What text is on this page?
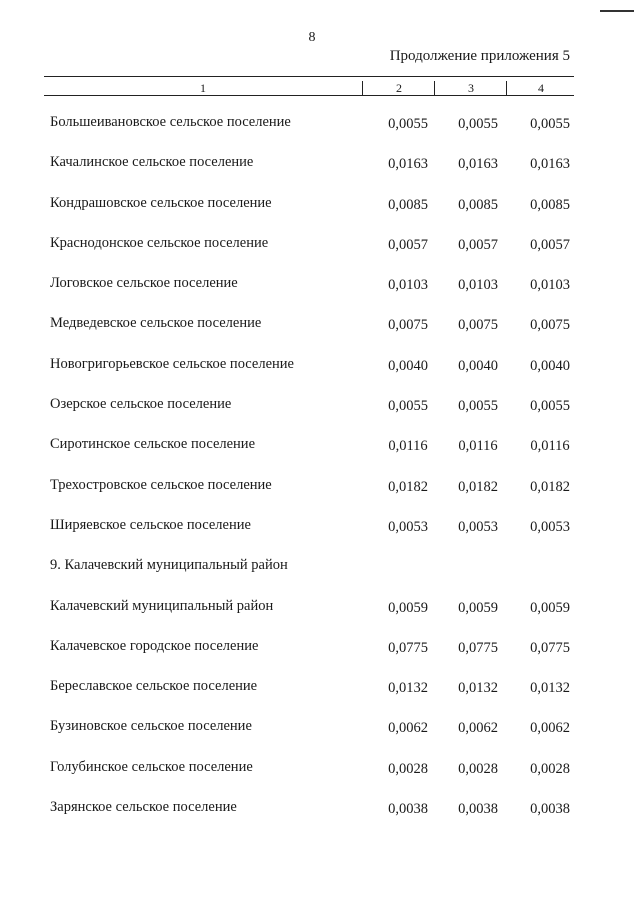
8
Продолжение приложения 5
1	2	3	4
Большеивановское сельское поселение	0,0055	0,0055	0,0055
Качалинское сельское поселение	0,0163	0,0163	0,0163
Кондрашовское сельское поселение	0,0085	0,0085	0,0085
Краснодонское сельское поселение	0,0057	0,0057	0,0057
Логовское сельское поселение	0,0103	0,0103	0,0103
Медведевское сельское поселение	0,0075	0,0075	0,0075
Новогригорьевское сельское поселение	0,0040	0,0040	0,0040
Озерское сельское поселение	0,0055	0,0055	0,0055
Сиротинское сельское поселение	0,0116	0,0116	0,0116
Трехостровское сельское поселение	0,0182	0,0182	0,0182
Ширяевское сельское поселение	0,0053	0,0053	0,0053
9. Калачевский муниципальный район
Калачевский муниципальный район	0,0059	0,0059	0,0059
Калачевское городское поселение	0,0775	0,0775	0,0775
Береславское сельское поселение	0,0132	0,0132	0,0132
Бузиновское сельское поселение	0,0062	0,0062	0,0062
Голубинское сельское поселение	0,0028	0,0028	0,0028
Зарянское сельское поселение	0,0038	0,0038	0,0038
